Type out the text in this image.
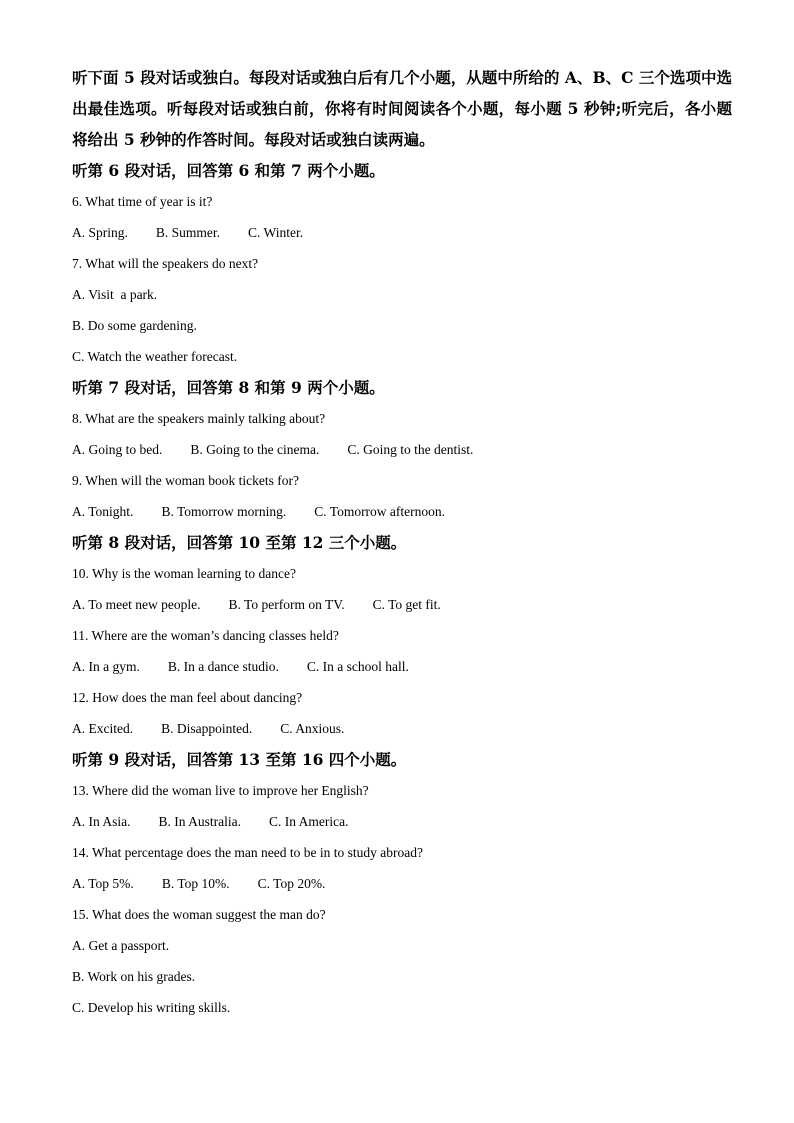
听下面 5 段对话或独白。每段对话或独白后有几个小题，从题中所给的 A、B、C 三个选项中选出最佳选项。听每段对话或独白前，你将有时间阅读各个小题，每小题 5 秒钟;听完后，各小题将给出 5 秒钟的作答时间。每段对话或独白读两遍。

听第 6 段对话，回答第 6 和第 7 两个小题。

6. What time of year is it?

A. Spring. B. Summer. C. Winter.

7. What will the speakers do next?

A. Visit  a park.

B. Do some gardening.

C. Watch the weather forecast.

听第 7 段对话，回答第 8 和第 9 两个小题。

8. What are the speakers mainly talking about?

A. Going to bed. B. Going to the cinema. C. Going to the dentist.

9. When will the woman book tickets for?

A. Tonight. B. Tomorrow morning. C. Tomorrow afternoon.

听第 8 段对话，回答第 10 至第 12 三个小题。

10. Why is the woman learning to dance?

A. To meet new people. B. To perform on TV. C. To get fit.

11. Where are the woman’s dancing classes held?

A. In a gym. B. In a dance studio. C. In a school hall.

12. How does the man feel about dancing?

A. Excited. B. Disappointed. C. Anxious.

听第 9 段对话，回答第 13 至第 16 四个小题。

13. Where did the woman live to improve her English?

A. In Asia. B. In Australia. C. In America.

14. What percentage does the man need to be in to study abroad?

A. Top 5%. B. Top 10%. C. Top 20%.

15. What does the woman suggest the man do?

A. Get a passport.

B. Work on his grades.

C. Develop his writing skills.
